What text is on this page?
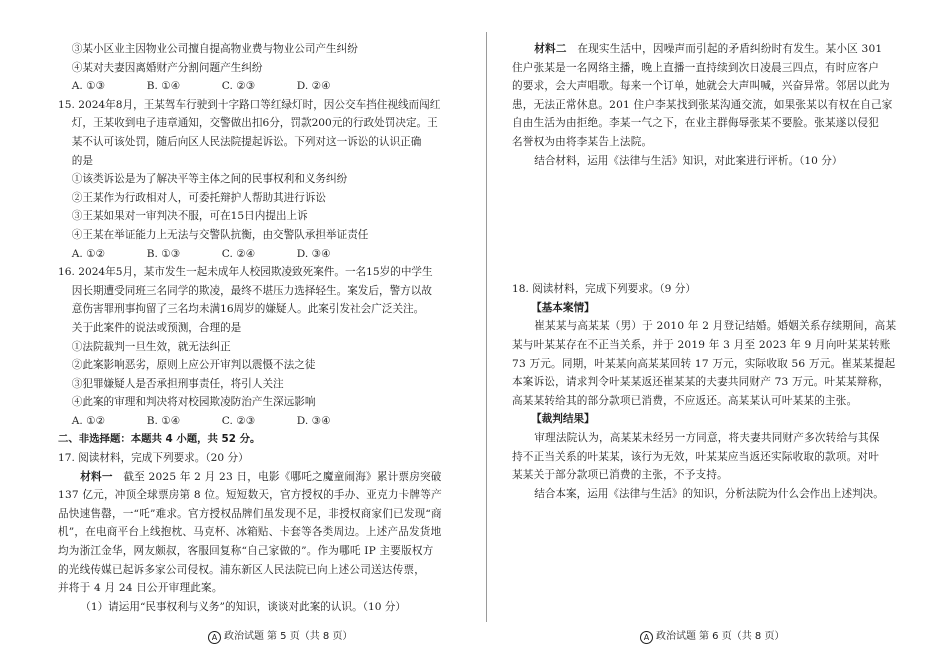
③某小区业主因物业公司擅自提高物业费与物业公司产生纠纷

④某对夫妻因离婚财产分割问题产生纠纷

A. ①③	B. ①④	C. ②③	D. ②④

15. 2024年8月，王某驾车行驶到十字路口等红绿灯时，因公交车挡住视线而闯红

灯，王某收到电子违章通知，交警做出扣6分，罚款200元的行政处罚决定。王

某不认可该处罚，随后向区人民法院提起诉讼。下列对这一诉讼的认识正确

的是

①该类诉讼是为了解决平等主体之间的民事权利和义务纠纷

②王某作为行政相对人，可委托辩护人帮助其进行诉讼

③王某如果对一审判决不服，可在15日内提出上诉

④王某在举证能力上无法与交警队抗衡，由交警队承担举证责任

A. ①②	B. ①③	C. ②④	D. ③④

16. 2024年5月，某市发生一起未成年人校园欺凌致死案件。一名15岁的中学生

因长期遭受同班三名同学的欺凌，最终不堪压力选择轻生。案发后，警方以故

意伤害罪刑事拘留了三名均未满16周岁的嫌疑人。此案引发社会广泛关注。

关于此案件的说法或预测，合理的是

①法院裁判一旦生效，就无法纠正

②此案影响恶劣，原则上应公开审判以震慑不法之徒

③犯罪嫌疑人是否承担刑事责任，将引人关注

④此案的审理和判决将对校园欺凌防治产生深远影响

A. ①②	B. ①④	C. ②③	D. ③④

二、非选择题：本题共 4 小题，共 52 分。

17. 阅读材料，完成下列要求。（20 分）

材料一 截至 2025 年 2 月 23 日，电影《哪吒之魔童闹海》累计票房突破

137 亿元，冲顶全球票房第 8 位。短短数天，官方授权的手办、亚克力卡牌等产

品快速售罄，一“吒”难求。官方授权品牌们虽发现不足，非授权商家们已发现“商

机”，在电商平台上线抱枕、马克杯、冰箱贴、卡套等各类周边。上述产品发货地

均为浙江金华，网友颇叔，客服回复称“自己家做的”。作为哪吒 IP 主要版权方

的光线传媒已起诉多家公司侵权。浦东新区人民法院已向上述公司送达传票，

并将于 4 月 24 日公开审理此案。

（1）请运用“民事权利与义务”的知识，谈谈对此案的认识。（10 分）

A 政治试题 第 5 页（共 8 页）

材料二 在现实生活中，因噪声而引起的矛盾纠纷时有发生。某小区 301

住户张某是一名网络主播，晚上直播一直持续到次日凌晨三四点，有时应客户

的要求，会大声唱歌。每来一个订单，她就会大声叫喊，兴奋异常。邻居以此为

患，无法正常休息。201 住户李某找到张某沟通交流，如果张某以有权在自己家

自由生活为由拒绝。李某一气之下，在业主群侮辱张某不要脸。张某遂以侵犯

名誉权为由将李某告上法院。

结合材料，运用《法律与生活》知识，对此案进行评析。（10 分）

18. 阅读材料，完成下列要求。（9 分）

【基本案情】

崔某某与高某某（男）于 2010 年 2 月登记结婚。婚姻关系存续期间，高某

某与叶某某存在不正当关系，并于 2019 年 3 月至 2023 年 9 月向叶某某转账

73 万元。同期，叶某某向高某某回转 17 万元，实际收取 56 万元。崔某某提起

本案诉讼，请求判令叶某某返还崔某某的夫妻共同财产 73 万元。叶某某辩称，

高某某转给其的部分款项已消费，不应返还。高某某认可叶某某的主张。

【裁判结果】

审理法院认为，高某某未经另一方同意，将夫妻共同财产多次转给与其保

持不正当关系的叶某某，该行为无效，叶某某应当返还实际收取的款项。对叶

某某关于部分款项已消费的主张，不予支持。

结合本案，运用《法律与生活》的知识，分析法院为什么会作出上述判决。

A 政治试题 第 6 页（共 8 页）
